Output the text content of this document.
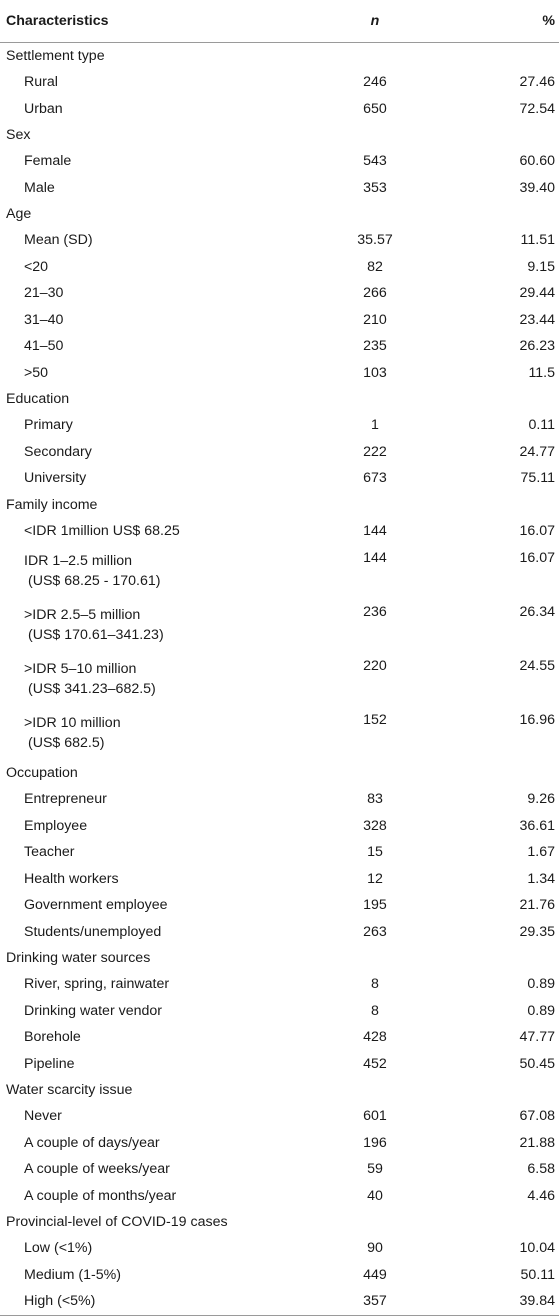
Characteristics	n	%
Settlement type		
Rural	246	27.46
Urban	650	72.54
Sex		
Female	543	60.60
Male	353	39.40
Age		
Mean (SD)	35.57	11.51
<20	82	9.15
21–30	266	29.44
31–40	210	23.44
41–50	235	26.23
>50	103	11.5
Education		
Primary	1	0.11
Secondary	222	24.77
University	673	75.11
Family income		
<IDR 1million US$ 68.25	144	16.07
IDR 1–2.5 million
(US$ 68.25 - 170.61)	144	16.07
>IDR 2.5–5 million
(US$ 170.61–341.23)	236	26.34
>IDR 5–10 million
(US$ 341.23–682.5)	220	24.55
>IDR 10 million
(US$ 682.5)	152	16.96
Occupation		
Entrepreneur	83	9.26
Employee	328	36.61
Teacher	15	1.67
Health workers	12	1.34
Government employee	195	21.76
Students/unemployed	263	29.35
Drinking water sources		
River, spring, rainwater	8	0.89
Drinking water vendor	8	0.89
Borehole	428	47.77
Pipeline	452	50.45
Water scarcity issue		
Never	601	67.08
A couple of days/year	196	21.88
A couple of weeks/year	59	6.58
A couple of months/year	40	4.46
Provincial-level of COVID-19 cases		
Low (<1%)	90	10.04
Medium (1-5%)	449	50.11
High (<5%)	357	39.84
